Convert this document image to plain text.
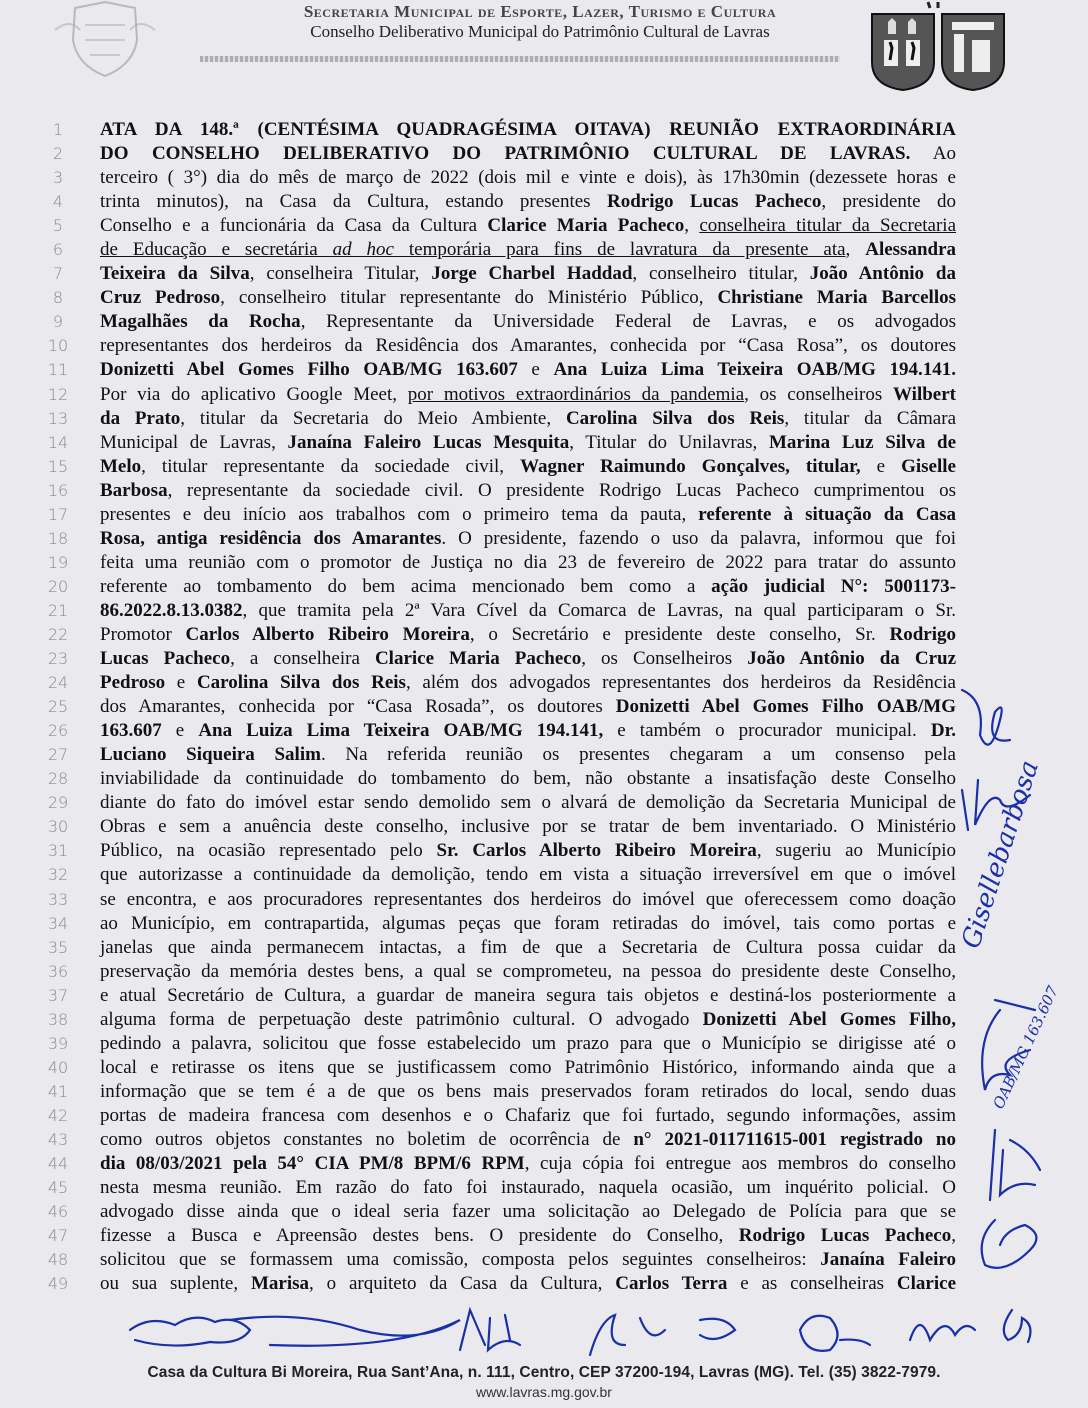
Secretaria Municipal de Esporte, Lazer, Turismo e Cultura
Conselho Deliberativo Municipal do Patrimônio Cultural de Lavras
1	ATA DA 148.ª (CENTÉSIMA QUADRAGÉSIMA OITAVA) REUNIÃO EXTRAORDINÁRIA
2	DO CONSELHO DELIBERATIVO DO PATRIMÔNIO CULTURAL DE LAVRAS. Ao
3	terceiro ( 3°) dia do mês de março de 2022 (dois mil e vinte e dois), às 17h30min (dezessete horas e
4	trinta minutos), na Casa da Cultura, estando presentes Rodrigo Lucas Pacheco, presidente do
5	Conselho e a funcionária da Casa da Cultura Clarice Maria Pacheco, conselheira titular da Secretaria
6	de Educação e secretária ad hoc temporária para fins de lavratura da presente ata, Alessandra
7	Teixeira da Silva, conselheira Titular, Jorge Charbel Haddad, conselheiro titular, João Antônio da
8	Cruz Pedroso, conselheiro titular representante do Ministério Público, Christiane Maria Barcellos
9	Magalhães da Rocha, Representante da Universidade Federal de Lavras, e os advogados
10	representantes dos herdeiros da Residência dos Amarantes, conhecida por “Casa Rosa”, os doutores
11	Donizetti Abel Gomes Filho OAB/MG 163.607 e Ana Luiza Lima Teixeira OAB/MG 194.141.
12	Por via do aplicativo Google Meet, por motivos extraordinários da pandemia, os conselheiros Wilbert
13	da Prato, titular da Secretaria do Meio Ambiente, Carolina Silva dos Reis, titular da Câmara
14	Municipal de Lavras, Janaína Faleiro Lucas Mesquita, Titular do Unilavras, Marina Luz Silva de
15	Melo, titular representante da sociedade civil, Wagner Raimundo Gonçalves, titular, e Giselle
16	Barbosa, representante da sociedade civil. O presidente Rodrigo Lucas Pacheco cumprimentou os
17	presentes e deu início aos trabalhos com o primeiro tema da pauta, referente à situação da Casa
18	Rosa, antiga residência dos Amarantes. O presidente, fazendo o uso da palavra, informou que foi
19	feita uma reunião com o promotor de Justiça no dia 23 de fevereiro de 2022 para tratar do assunto
20	referente ao tombamento do bem acima mencionado bem como a ação judicial N°: 5001173-
21	86.2022.8.13.0382, que tramita pela 2ª Vara Cível da Comarca de Lavras, na qual participaram o Sr.
22	Promotor Carlos Alberto Ribeiro Moreira, o Secretário e presidente deste conselho, Sr. Rodrigo
23	Lucas Pacheco, a conselheira Clarice Maria Pacheco, os Conselheiros João Antônio da Cruz
24	Pedroso e Carolina Silva dos Reis, além dos advogados representantes dos herdeiros da Residência
25	dos Amarantes, conhecida por “Casa Rosada”, os doutores Donizetti Abel Gomes Filho OAB/MG
26	163.607 e Ana Luiza Lima Teixeira OAB/MG 194.141, e também o procurador municipal. Dr.
27	Luciano Siqueira Salim. Na referida reunião os presentes chegaram a um consenso pela
28	inviabilidade da continuidade do tombamento do bem, não obstante a insatisfação deste Conselho
29	diante do fato do imóvel estar sendo demolido sem o alvará de demolição da Secretaria Municipal de
30	Obras e sem a anuência deste conselho, inclusive por se tratar de bem inventariado. O Ministério
31	Público, na ocasião representado pelo Sr. Carlos Alberto Ribeiro Moreira, sugeriu ao Município
32	que autorizasse a continuidade da demolição, tendo em vista a situação irreversível em que o imóvel
33	se encontra, e aos procuradores representantes dos herdeiros do imóvel que oferecessem como doação
34	ao Município, em contrapartida, algumas peças que foram retiradas do imóvel, tais como portas e
35	janelas que ainda permanecem intactas, a fim de que a Secretaria de Cultura possa cuidar da
36	preservação da memória destes bens, a qual se comprometeu, na pessoa do presidente deste Conselho,
37	e atual Secretário de Cultura, a guardar de maneira segura tais objetos e destiná-los posteriormente a
38	alguma forma de perpetuação deste patrimônio cultural. O advogado Donizetti Abel Gomes Filho,
39	pedindo a palavra, solicitou que fosse estabelecido um prazo para que o Município se dirigisse até o
40	local e retirasse os itens que se justificassem como Patrimônio Histórico, informando ainda que a
41	informação que se tem é a de que os bens mais preservados foram retirados do local, sendo duas
42	portas de madeira francesa com desenhos e o Chafariz que foi furtado, segundo informações, assim
43	como outros objetos constantes no boletim de ocorrência de n° 2021-011711615-001 registrado no
44	dia 08/03/2021 pela 54° CIA PM/8 BPM/6 RPM, cuja cópia foi entregue aos membros do conselho
45	nesta mesma reunião. Em razão do fato foi instaurado, naquela ocasião, um inquérito policial. O
46	advogado disse ainda que o ideal seria fazer uma solicitação ao Delegado de Polícia para que se
47	fizesse a Busca e Apreensão destes bens. O presidente do Conselho, Rodrigo Lucas Pacheco,
48	solicitou que se formassem uma comissão, composta pelos seguintes conselheiros: Janaína Faleiro
49	ou sua suplente, Marisa, o arquiteto da Casa da Cultura, Carlos Terra e as conselheiras Clarice
Gisellebarbosa
OAB/MG 163.607
Casa da Cultura Bi Moreira, Rua Sant’Ana, n. 111, Centro, CEP 37200-194, Lavras (MG). Tel. (35) 3822-7979.
www.lavras.mg.gov.br
